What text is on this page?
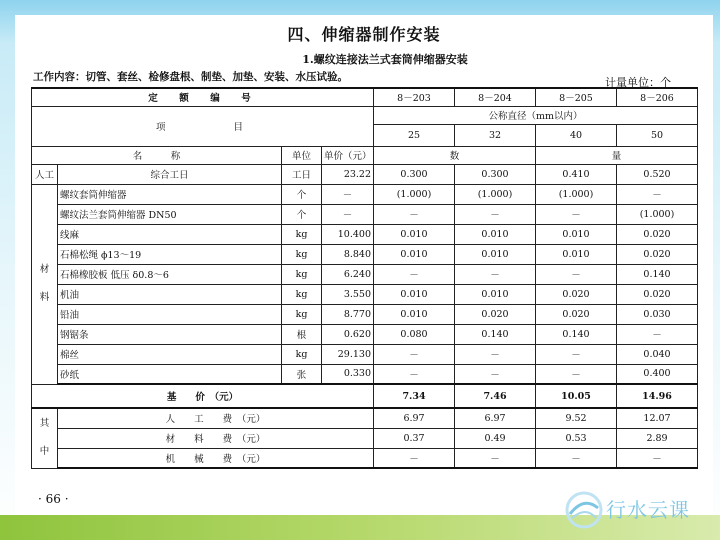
四、伸缩器制作安装
1.螺纹连接法兰式套筒伸缩器安装
工作内容：切管、套丝、检修盘根、制垫、加垫、安装、水压试验。	计量单位：个
定　额　编　号				8－203	8－204	8－205	8－206
项　　　　目				公称直径（mm以内）			
				25	32	40	50
名　　　称		单位	单价（元）	数		量	
人工	综合工日	工日	23.22	0.300	0.300	0.410	0.520

材
料	螺纹套筒伸缩器	个	－	(1.000)	(1.000)	(1.000)	－
	螺纹法兰套筒伸缩器 DN50	个	－	－	－	－	(1.000)
	线麻	kg	10.400	0.010	0.010	0.010	0.020
	石棉松绳 ϕ13～19	kg	8.840	0.010	0.010	0.010	0.020
	石棉橡胶板 低压 δ0.8～6	kg	6.240	－	－	－	0.140
	机油	kg	3.550	0.010	0.010	0.020	0.020
	铅油	kg	8.770	0.010	0.020	0.020	0.030
	钢锯条	根	0.620	0.080	0.140	0.140	－
	棉丝	kg	29.130	－	－	－	0.040
	砂纸	张	0.330	－	－	－	0.400
基　　价　（元）				7.34	7.46	10.05	14.96

其
中	人　　工　　费　（元）			6.97	6.97	9.52	12.07
	材　　料　　费　（元）			0.37	0.49	0.53	2.89
	机　　械　　费　（元）			－	－	－	－
· 66 ·	行水云课
